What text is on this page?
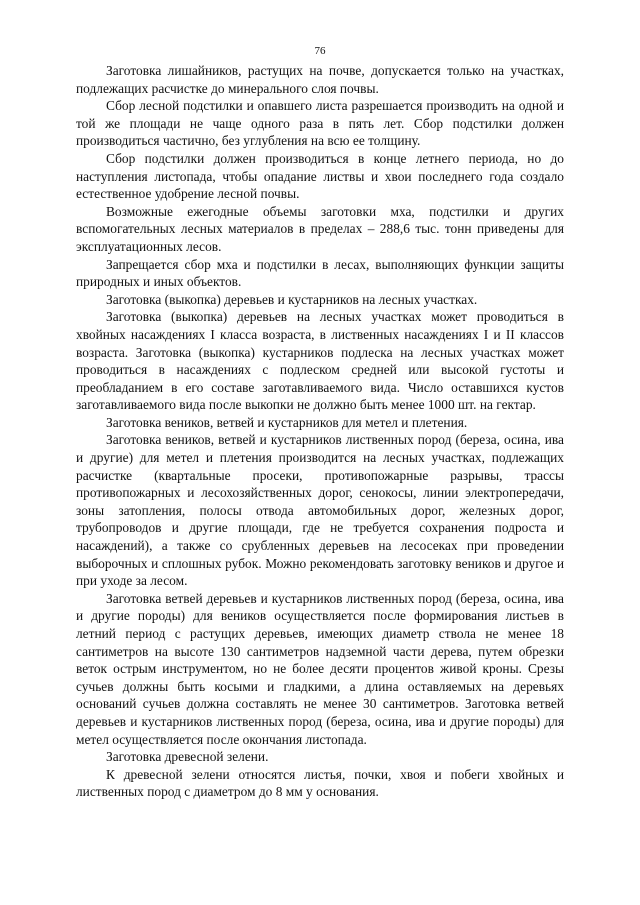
76

Заготовка лишайников, растущих на почве, допускается только на участках, подлежащих расчистке до минерального слоя почвы.

Сбор лесной подстилки и опавшего листа разрешается производить на одной и той же площади не чаще одного раза в пять лет. Сбор подстилки должен производиться частично, без углубления на всю ее толщину.

Сбор подстилки должен производиться в конце летнего периода, но до наступления листопада, чтобы опадание листвы и хвои последнего года создало естественное удобрение лесной почвы.

Возможные ежегодные объемы заготовки мха, подстилки и других вспомогательных лесных материалов в пределах – 288,6 тыс. тонн приведены для эксплуатационных лесов.

Запрещается сбор мха и подстилки в лесах, выполняющих функции защиты природных и иных объектов.

Заготовка (выкопка) деревьев и кустарников на лесных участках.

Заготовка (выкопка) деревьев на лесных участках может проводиться в хвойных насаждениях I класса возраста, в лиственных насаждениях I и II классов возраста. Заготовка (выкопка) кустарников подлеска на лесных участках может проводиться в насаждениях с подлеском средней или высокой густоты и преобладанием в его составе заготавливаемого вида. Число оставшихся кустов заготавливаемого вида после выкопки не должно быть менее 1000 шт. на гектар.

Заготовка веников, ветвей и кустарников для метел и плетения.

Заготовка веников, ветвей и кустарников лиственных пород (береза, осина, ива и другие) для метел и плетения производится на лесных участках, подлежащих расчистке (квартальные просеки, противопожарные разрывы, трассы противопожарных и лесохозяйственных дорог, сенокосы, линии электропередачи, зоны затопления, полосы отвода автомобильных дорог, железных дорог, трубопроводов и другие площади, где не требуется сохранения подроста и насаждений), а также со срубленных деревьев на лесосеках при проведении выборочных и сплошных рубок. Можно рекомендовать заготовку веников и другое и при уходе за лесом.

Заготовка ветвей деревьев и кустарников лиственных пород (береза, осина, ива и другие породы) для веников осуществляется после формирования листьев в летний период с растущих деревьев, имеющих диаметр ствола не менее 18 сантиметров на высоте 130 сантиметров надземной части дерева, путем обрезки веток острым инструментом, но не более десяти процентов живой кроны. Срезы сучьев должны быть косыми и гладкими, а длина оставляемых на деревьях оснований сучьев должна составлять не менее 30 сантиметров. Заготовка ветвей деревьев и кустарников лиственных пород (береза, осина, ива и другие породы) для метел осуществляется после окончания листопада.

Заготовка древесной зелени.

К древесной зелени относятся листья, почки, хвоя и побеги хвойных и лиственных пород с диаметром до 8 мм у основания.
